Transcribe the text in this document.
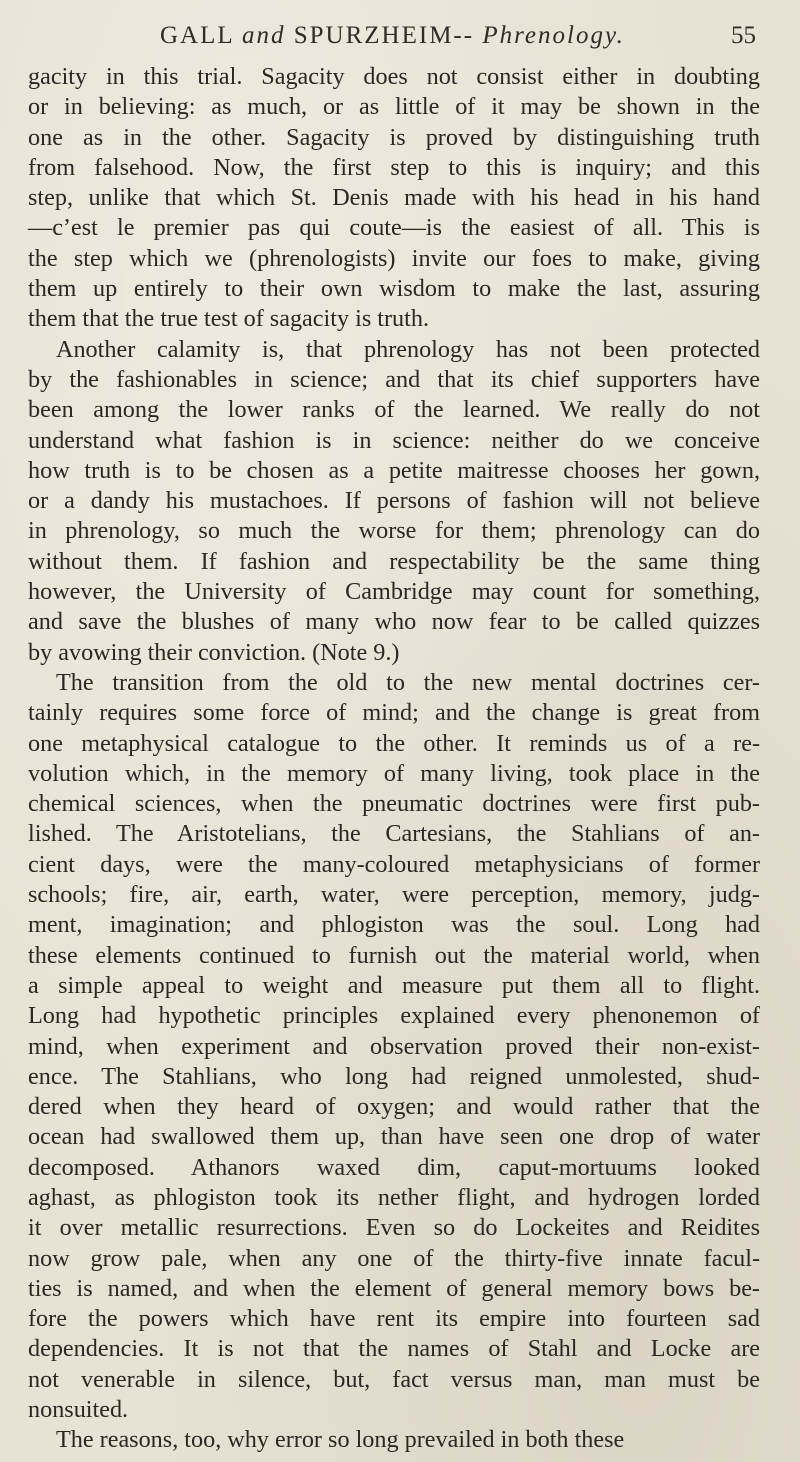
GALL and SPURZHEIM-- Phrenology.	55
gacity in this trial. Sagacity does not consist either in doubting
or in believing: as much, or as little of it may be shown in the
one as in the other. Sagacity is proved by distinguishing truth
from falsehood. Now, the first step to this is inquiry; and this
step, unlike that which St. Denis made with his head in his hand
—c’est le premier pas qui coute—is the easiest of all. This is
the step which we (phrenologists) invite our foes to make, giving
them up entirely to their own wisdom to make the last, assuring
them that the true test of sagacity is truth.
Another calamity is, that phrenology has not been protected
by the fashionables in science; and that its chief supporters have
been among the lower ranks of the learned. We really do not
understand what fashion is in science: neither do we conceive
how truth is to be chosen as a petite maitresse chooses her gown,
or a dandy his mustachoes. If persons of fashion will not believe
in phrenology, so much the worse for them; phrenology can do
without them. If fashion and respectability be the same thing
however, the University of Cambridge may count for something,
and save the blushes of many who now fear to be called quizzes
by avowing their conviction. (Note 9.)
The transition from the old to the new mental doctrines cer-
tainly requires some force of mind; and the change is great from
one metaphysical catalogue to the other. It reminds us of a re-
volution which, in the memory of many living, took place in the
chemical sciences, when the pneumatic doctrines were first pub-
lished. The Aristotelians, the Cartesians, the Stahlians of an-
cient days, were the many-coloured metaphysicians of former
schools; fire, air, earth, water, were perception, memory, judg-
ment, imagination; and phlogiston was the soul. Long had
these elements continued to furnish out the material world, when
a simple appeal to weight and measure put them all to flight.
Long had hypothetic principles explained every phenonemon of
mind, when experiment and observation proved their non-exist-
ence. The Stahlians, who long had reigned unmolested, shud-
dered when they heard of oxygen; and would rather that the
ocean had swallowed them up, than have seen one drop of water
decomposed. Athanors waxed dim, caput-mortuums looked
aghast, as phlogiston took its nether flight, and hydrogen lorded
it over metallic resurrections. Even so do Lockeites and Reidites
now grow pale, when any one of the thirty-five innate facul-
ties is named, and when the element of general memory bows be-
fore the powers which have rent its empire into fourteen sad
dependencies. It is not that the names of Stahl and Locke are
not venerable in silence, but, fact versus man, man must be
nonsuited.
The reasons, too, why error so long prevailed in both these
